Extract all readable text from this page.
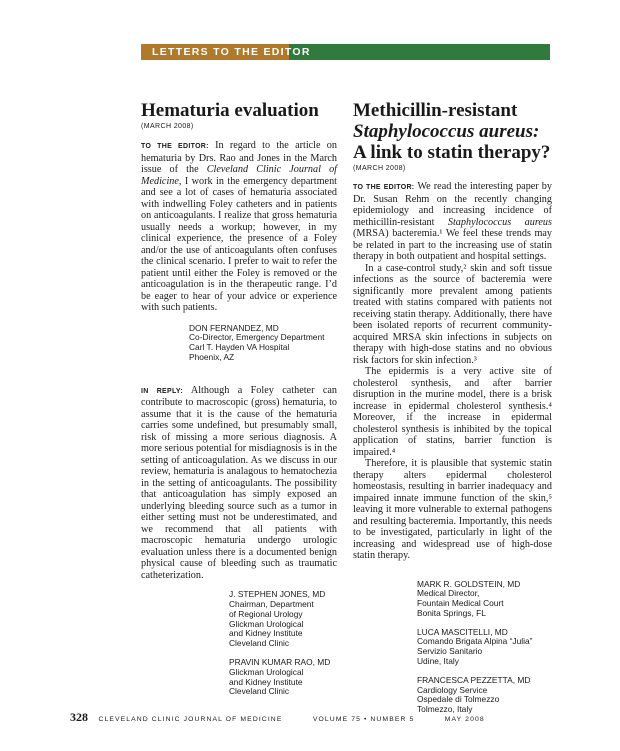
LETTERS TO THE EDITOR
Hematuria evaluation
(MARCH 2008)

TO THE EDITOR: In regard to the article on hematuria by Drs. Rao and Jones in the March issue of the Cleveland Clinic Journal of Medicine, I work in the emergency department and see a lot of cases of hematuria associated with indwelling Foley catheters and in patients on anticoagulants. I realize that gross hematuria usually needs a workup; however, in my clinical experience, the presence of a Foley and/or the use of anticoagulants often confuses the clinical scenario. I prefer to wait to refer the patient until either the Foley is removed or the anticoagulation is in the therapeutic range. I’d be eager to hear of your advice or experience with such patients.

DON FERNANDEZ, MD

Co-Director, Emergency Department

Carl T. Hayden VA Hospital

Phoenix, AZ

IN REPLY: Although a Foley catheter can contribute to macroscopic (gross) hematuria, to assume that it is the cause of the hematuria carries some undefined, but presumably small, risk of missing a more serious diagnosis. A more serious potential for misdiagnosis is in the setting of anticoagulation. As we discuss in our review, hematuria is analagous to hematochezia in the setting of anticoagulants. The possibility that anticoagulation has simply exposed an underlying bleeding source such as a tumor in either setting must not be underestimated, and we recommend that all patients with macroscopic hematuria undergo urologic evaluation unless there is a documented benign physical cause of bleeding such as traumatic catheterization.

J. STEPHEN JONES, MD

Chairman, Department

of Regional Urology

Glickman Urological

and Kidney Institute

Cleveland Clinic

PRAVIN KUMAR RAO, MD

Glickman Urological

and Kidney Institute

Cleveland Clinic

Methicillin-resistant
Staphylococcus aureus:
A link to statin therapy?
(MARCH 2008)

TO THE EDITOR: We read the interesting paper by Dr. Susan Rehm on the recently changing epidemiology and increasing incidence of methicillin-resistant Staphylococcus aureus (MRSA) bacteremia.¹ We feel these trends may be related in part to the increasing use of statin therapy in both outpatient and hospital settings.

In a case-control study,² skin and soft tissue infections as the source of bacteremia were significantly more prevalent among patients treated with statins compared with patients not receiving statin therapy. Additionally, there have been isolated reports of recurrent community-acquired MRSA skin infections in subjects on therapy with high-dose statins and no obvious risk factors for skin infection.³

The epidermis is a very active site of cholesterol synthesis, and after barrier disruption in the murine model, there is a brisk increase in epidermal cholesterol synthesis.⁴ Moreover, if the increase in epidermal cholesterol synthesis is inhibited by the topical application of statins, barrier function is impaired.⁴

Therefore, it is plausible that systemic statin therapy alters epidermal cholesterol homeostasis, resulting in barrier inadequacy and impaired innate immune function of the skin,⁵ leaving it more vulnerable to external pathogens and resulting bacteremia. Importantly, this needs to be investigated, particularly in light of the increasing and widespread use of high-dose statin therapy.

MARK R. GOLDSTEIN, MD

Medical Director,

Fountain Medical Court

Bonita Springs, FL

LUCA MASCITELLI, MD

Comando Brigata Alpina “Julia”

Servizio Sanitario

Udine, Italy

FRANCESCA PEZZETTA, MD

Cardiology Service

Ospedale di Tolmezzo

Tolmezzo, Italy

328 CLEVELAND CLINIC JOURNAL OF MEDICINE	VOLUME 75 • NUMBER 5	MAY 2008
